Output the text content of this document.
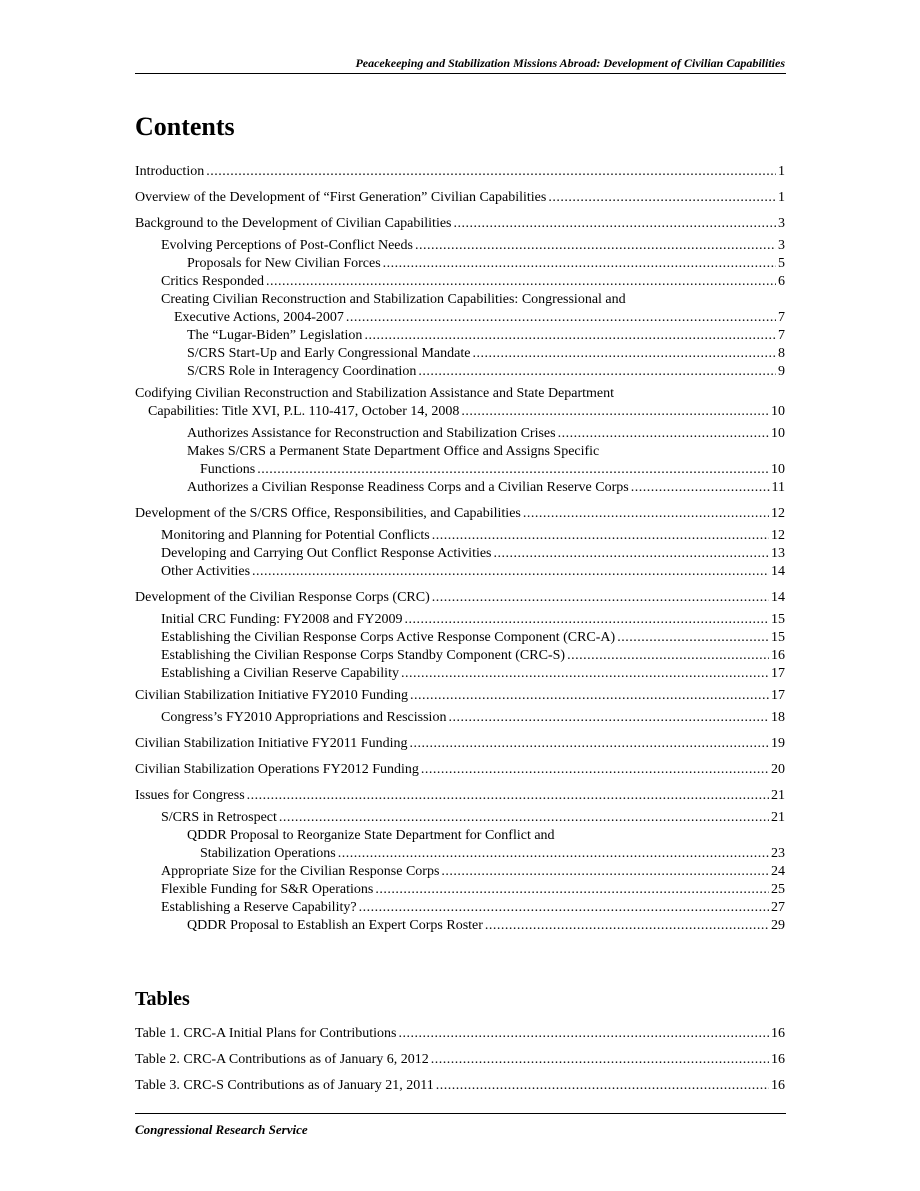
Peacekeeping and Stabilization Missions Abroad: Development of Civilian Capabilities
Contents
Introduction .....	1
Overview of the Development of “First Generation” Civilian Capabilities .....	1
Background to the Development of Civilian Capabilities .....	3
Evolving Perceptions of Post-Conflict Needs .....	3
Proposals for New Civilian Forces .....	5
Critics Responded .....	6
Creating Civilian Reconstruction and Stabilization Capabilities: Congressional and
Executive Actions, 2004-2007 .....	7
The “Lugar-Biden” Legislation .....	7
S/CRS Start-Up and Early Congressional Mandate .....	8
S/CRS Role in Interagency Coordination .....	9
Codifying Civilian Reconstruction and Stabilization Assistance and State Department
Capabilities: Title XVI, P.L. 110-417, October 14, 2008 .....	10
Authorizes Assistance for Reconstruction and Stabilization Crises .....	10
Makes S/CRS a Permanent State Department Office and Assigns Specific
Functions .....	10
Authorizes a Civilian Response Readiness Corps and a Civilian Reserve Corps .....	11
Development of the S/CRS Office, Responsibilities, and Capabilities .....	12
Monitoring and Planning for Potential Conflicts .....	12
Developing and Carrying Out Conflict Response Activities .....	13
Other Activities .....	14
Development of the Civilian Response Corps (CRC) .....	14
Initial CRC Funding: FY2008 and FY2009 .....	15
Establishing the Civilian Response Corps Active Response Component (CRC-A) .....	15
Establishing the Civilian Response Corps Standby Component (CRC-S) .....	16
Establishing a Civilian Reserve Capability .....	17
Civilian Stabilization Initiative FY2010 Funding .....	17
Congress’s FY2010 Appropriations and Rescission .....	18
Civilian Stabilization Initiative FY2011 Funding .....	19
Civilian Stabilization Operations FY2012 Funding .....	20
Issues for Congress .....	21
S/CRS in Retrospect .....	21
QDDR Proposal to Reorganize State Department for Conflict and
Stabilization Operations .....	23
Appropriate Size for the Civilian Response Corps .....	24
Flexible Funding for S&R Operations .....	25
Establishing a Reserve Capability? .....	27
QDDR Proposal to Establish an Expert Corps Roster .....	29
Tables
Table 1. CRC-A Initial Plans for Contributions .....	16
Table 2. CRC-A Contributions as of January 6, 2012 .....	16
Table 3. CRC-S Contributions as of January 21, 2011 .....	16
Congressional Research Service
